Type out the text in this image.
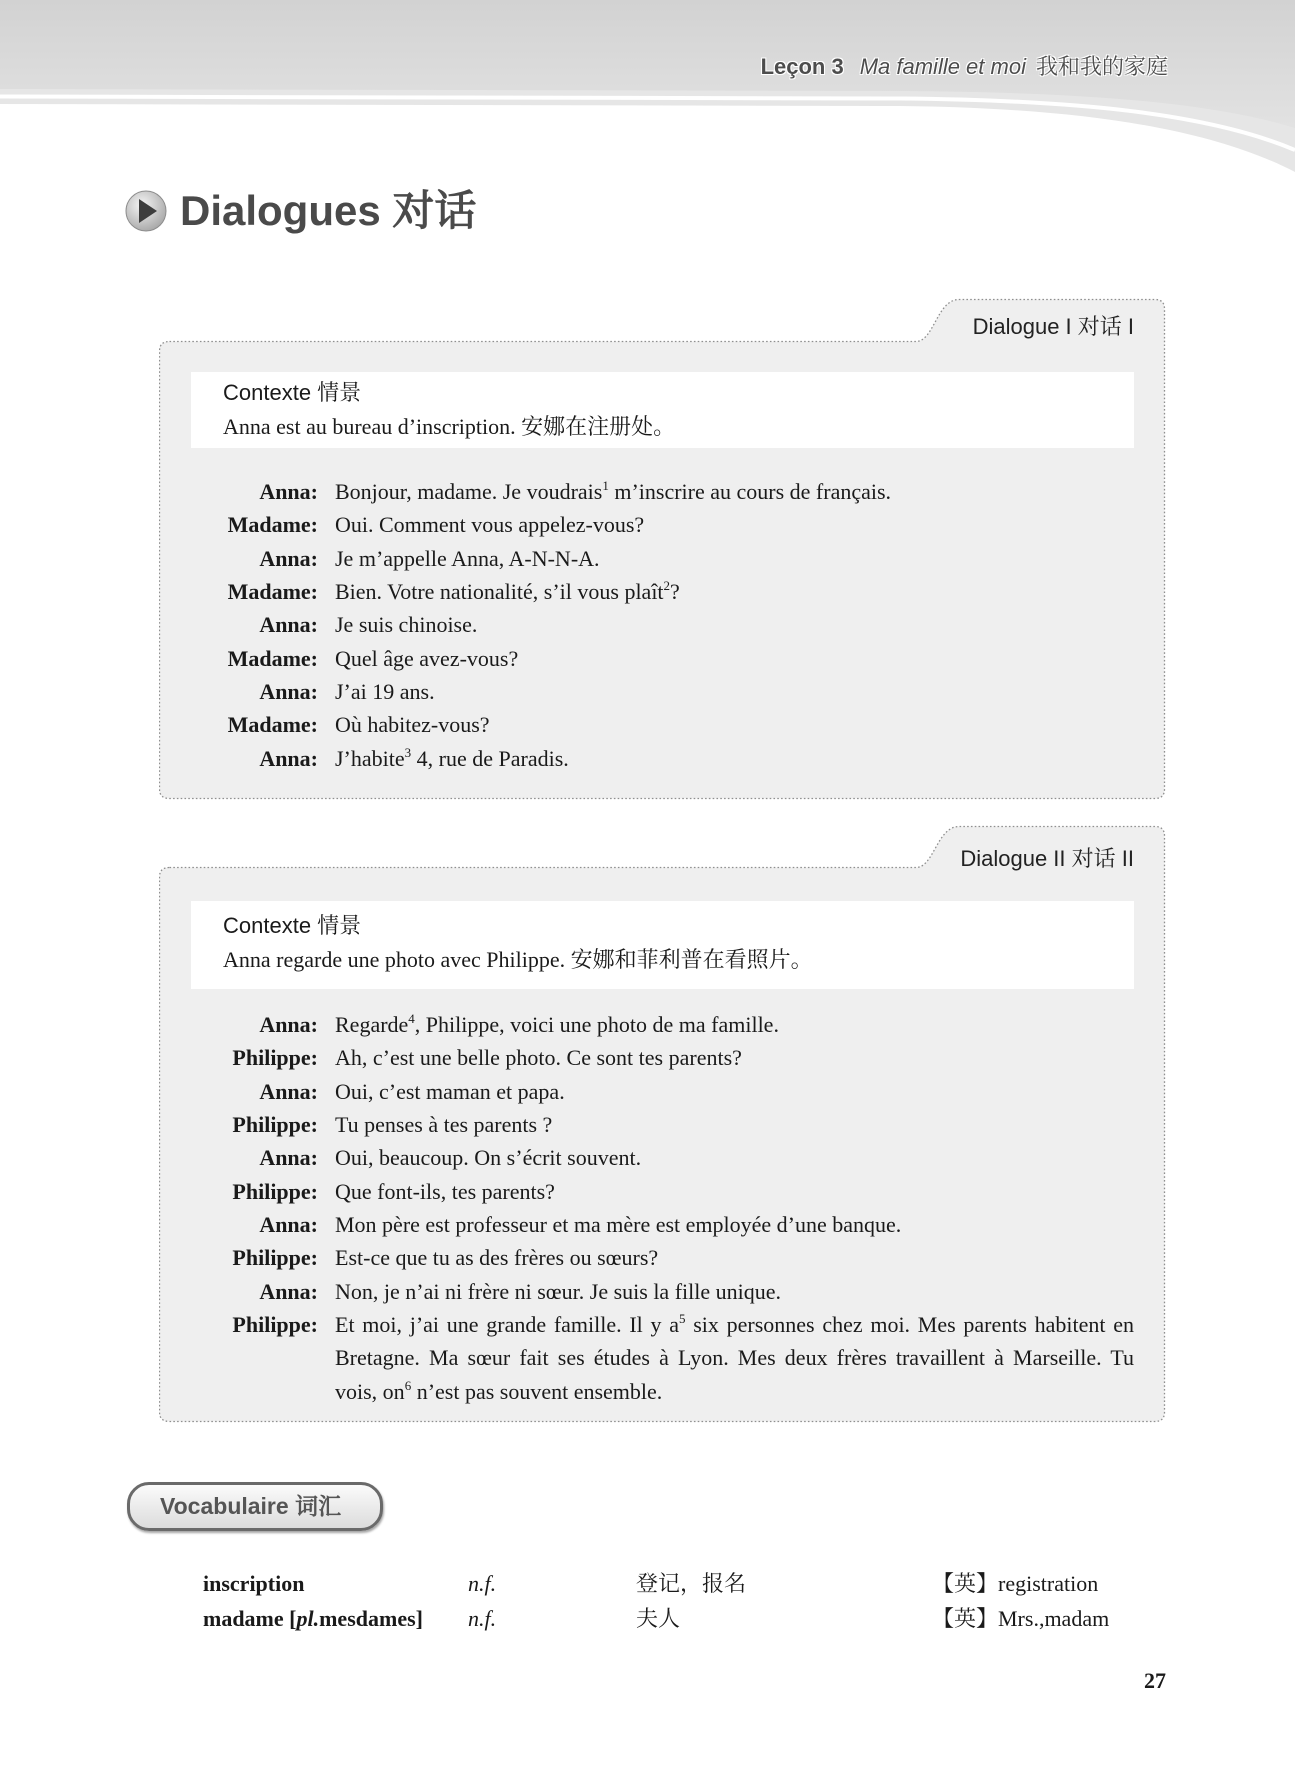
Leçon 3 Ma famille et moi 我和我的家庭
Dialogues 对话
Dialogue I 对话 I
Contexte 情景
Anna est au bureau d’inscription. 安娜在注册处。
Anna: Bonjour, madame. Je voudrais$^1$ m’inscrire au cours de français.
Madame: Oui. Comment vous appelez-vous?
Anna: Je m’appelle Anna, A-N-N-A.
Madame: Bien. Votre nationalité, s’il vous plaît$^2$?
Anna: Je suis chinoise.
Madame: Quel âge avez-vous?
Anna: J’ai 19 ans.
Madame: Où habitez-vous?
Anna: J’habite$^3$ 4, rue de Paradis.
Dialogue II 对话 II
Contexte 情景
Anna regarde une photo avec Philippe. 安娜和菲利普在看照片。
Anna: Regarde$^4$, Philippe, voici une photo de ma famille.
Philippe: Ah, c’est une belle photo. Ce sont tes parents?
Anna: Oui, c’est maman et papa.
Philippe: Tu penses à tes parents ?
Anna: Oui, beaucoup. On s’écrit souvent.
Philippe: Que font-ils, tes parents?
Anna: Mon père est professeur et ma mère est employée d’une banque.
Philippe: Est-ce que tu as des frères ou sœurs?
Anna: Non, je n’ai ni frère ni sœur. Je suis la fille unique.
Philippe: Et moi, j’ai une grande famille. Il y a$^5$ six personnes chez moi. Mes parents habitent en
Bretagne. Ma sœur fait ses études à Lyon. Mes deux frères travaillent à Marseille. Tu
vois, on$^6$ n’est pas souvent ensemble.
Vocabulaire 词汇
inscription	n.f.	登记，报名	【英】registration
madame [pl.mesdames] n.f.	夫人	【英】Mrs.,madam
27
